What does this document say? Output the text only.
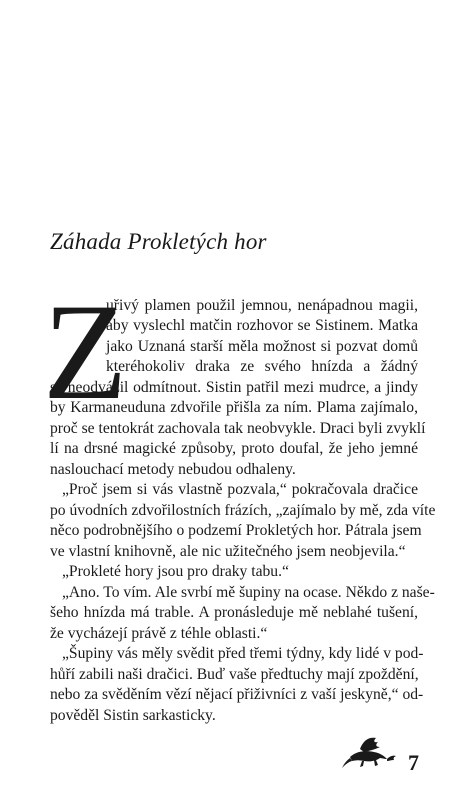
Záhada Prokletých hor
Z
uřivý plamen použil jemnou, nenápadnou magii,
aby vyslechl matčin rozhovor se Sistinem. Matka
jako Uznaná starší měla možnost si pozvat domů
kteréhokoliv draka ze svého hnízda a žádný
se neodvážil odmítnout. Sistin patřil mezi mudrce, a jindy
by Karmaneuduna zdvořile přišla za ním. Plama zajímalo,
proč se tentokrát zachovala tak neobvykle. Draci byli zvyklí
lí na drsné magické způsoby, proto doufal, že jeho jemné
naslouchací metody nebudou odhaleny.
„Proč jsem si vás vlastně pozvala,“ pokračovala dračice
po úvodních zdvořilostních frázích, „zajímalo by mě, zda víte
něco podrobnějšího o podzemí Prokletých hor. Pátrala jsem
ve vlastní knihovně, ale nic užitečného jsem neobjevila.“
„Prokleté hory jsou pro draky tabu.“
„Ano. To vím. Ale svrbí mě šupiny na ocase. Někdo z naše-
šeho hnízda má trable. A pronásleduje mě neblahé tušení,
že vycházejí právě z téhle oblasti.“
„Šupiny vás měly svědit před třemi týdny, kdy lidé v pod-
hůří zabili naši dračici. Buď vaše předtuchy mají zpoždění,
nebo za svěděním vězí nějací přiživníci z vaší jeskyně,“ od-
pověděl Sistin sarkasticky.
7
